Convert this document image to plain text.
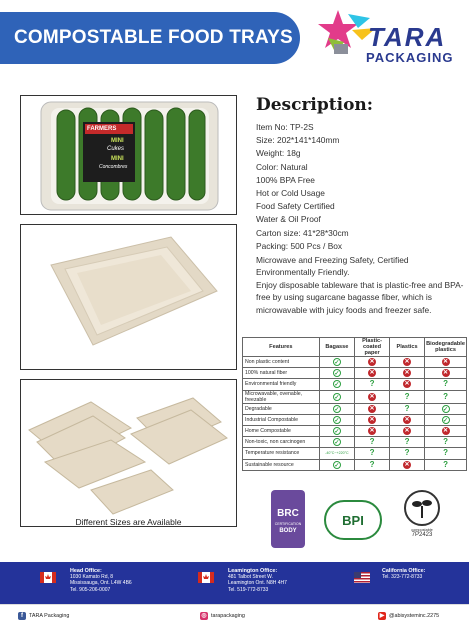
COMPOSTABLE FOOD TRAYS	TARA
PACKAGING
FARMERS
MINI
Cukes
MINI
Concombres
Different Sizes are Available
Description:
Item No: TP-2S
Size: 202*141*140mm
Weight: 18g
Color: Natural
100% BPA Free
Hot or Cold Usage
Food Safety Certified
Water & Oil Proof
Carton size: 41*28*30cm
Packing: 500 Pcs / Box

Microwave and Freezing Safety, Certified Environmentally Friendly.

Enjoy disposable tableware that is plastic-free and BPA-free by using sugarcane bagasse fiber, which is microwavable with juicy foods and freezer safe.

Features	Bagasse	Plastic-coated paper	Plastics	Biodegradable plastics
Non plastic content	✓	✕	✕	✕
100% natural fiber	✓	✕	✕	✕
Environmental friendly	✓	?	✕	?
Microwavable, ovenable, freezable	✓	✕	?	?
Degradable	✓	✕	?	✓
Industrial Compostable	✓	✕	✕	✓
Home Compostable	✓	✕	✕	✕
Non-toxic, non carcinogen	✓	?	?	?
Temperature resistance	-40°C~+220°C	?	?	?
Sustainable resource	✓	?	✕	?
BRC
CERTIFICATION
BODY
BPI
compostable
7P2423
Head Office:
1030 Kamato Rd, 8
Mississauga, Ont. L4W 4B6
Tel. 905-206-0007
Leamington Office:
481 Talbot Street W.
Leamington Ont. N8H 4H7
Tel. 519-772-8733
California Office:
Tel. 323-772-8733
f	TARA Packaging	◎ tarapackaging	▶ @abisysteminc.2275
